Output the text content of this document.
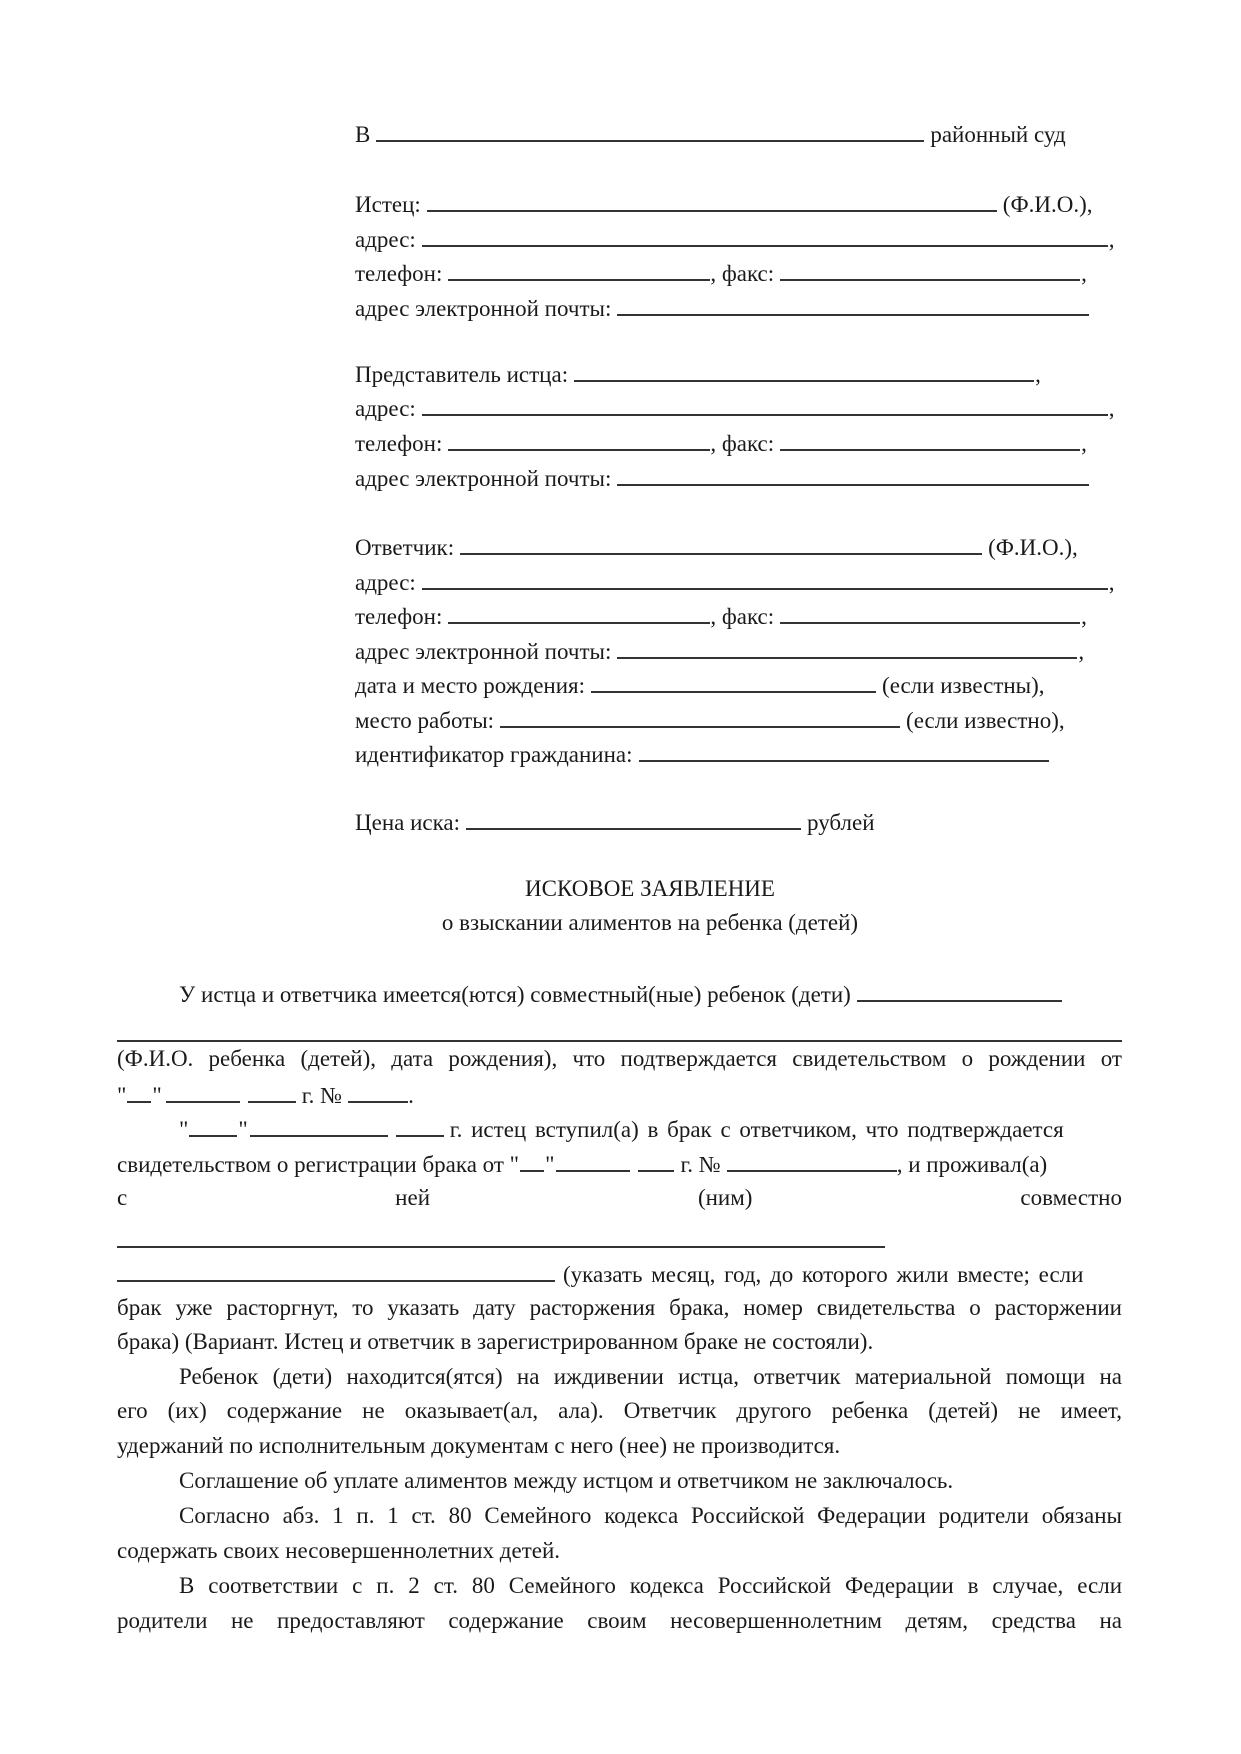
В	районный суд
Истец:	(Ф.И.О.),
адрес:	,
телефон:	, факс:	,
адрес электронной почты:
Представитель истца:	,
адрес:	,
телефон:	, факс:	,
адрес электронной почты:
Ответчик:	(Ф.И.О.),
адрес:	,
телефон:	, факс:	,
адрес электронной почты:	,
дата и место рождения:	(если известны),
место работы:	(если известно),
идентификатор гражданина:
Цена иска:	рублей
ИСКОВОЕ ЗАЯВЛЕНИЕ
о взыскании алиментов на ребенка (детей)
У истца и ответчика имеется(ются) совместный(ные) ребенок (дети)
(Ф.И.О. ребенка (детей), дата рождения), что подтверждается свидетельством о рождении от
" "	г. №	.
" "	г. истец вступил(а) в брак с ответчиком, что подтверждается
свидетельством о регистрации брака от " "	г. №	, и проживал(а)
с	ней	(ним)	совместно
(указать месяц, год, до которого жили вместе; если
брак уже расторгнут, то указать дату расторжения брака, номер свидетельства о расторжении
брака) (Вариант. Истец и ответчик в зарегистрированном браке не состояли).
Ребенок (дети) находится(ятся) на иждивении истца, ответчик материальной помощи на
его (их) содержание не оказывает(ал, ала). Ответчик другого ребенка (детей) не имеет,
удержаний по исполнительным документам с него (нее) не производится.
Соглашение об уплате алиментов между истцом и ответчиком не заключалось.
Согласно абз. 1 п. 1 ст. 80 Семейного кодекса Российской Федерации родители обязаны
содержать своих несовершеннолетних детей.
В соответствии с п. 2 ст. 80 Семейного кодекса Российской Федерации в случае, если
родители не предоставляют содержание своим несовершеннолетним детям, средства на
